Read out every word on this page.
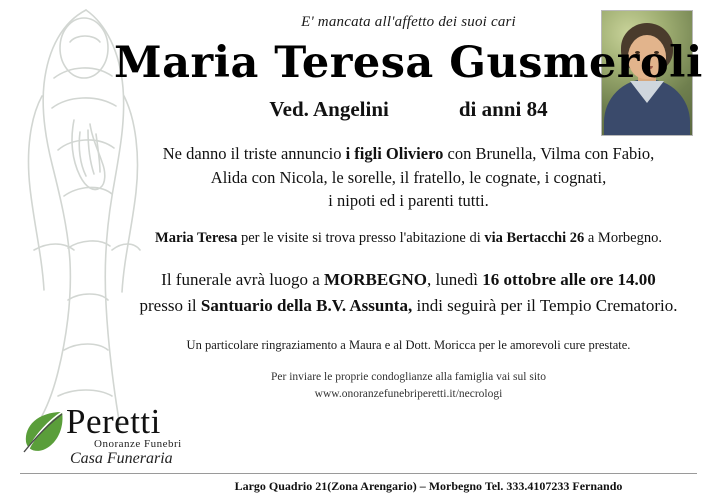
E' mancata all'affetto dei suoi cari
Maria Teresa Gusmeroli
Ved. Angelini	di anni 84
Ne danno il triste annuncio i figli Oliviero con Brunella, Vilma con Fabio,
Alida con Nicola, le sorelle, il fratello, le cognate, i cognati,
i nipoti ed i parenti tutti.
Maria Teresa per le visite si trova presso l'abitazione di via Bertacchi 26 a Morbegno.
Il funerale avrà luogo a MORBEGNO, lunedì 16 ottobre alle ore 14.00
presso il Santuario della B.V. Assunta, indi seguirà per il Tempio Crematorio.
Un particolare ringraziamento a Maura e al Dott. Moricca per le amorevoli cure prestate.
Per inviare le proprie condoglianze alla famiglia vai sul sito
www.onoranzefunebriperetti.it/necrologi
Peretti
Onoranze Funebri
Casa Funeraria
Largo Quadrio 21(Zona Arengario) – Morbegno Tel. 333.4107233 Fernando
